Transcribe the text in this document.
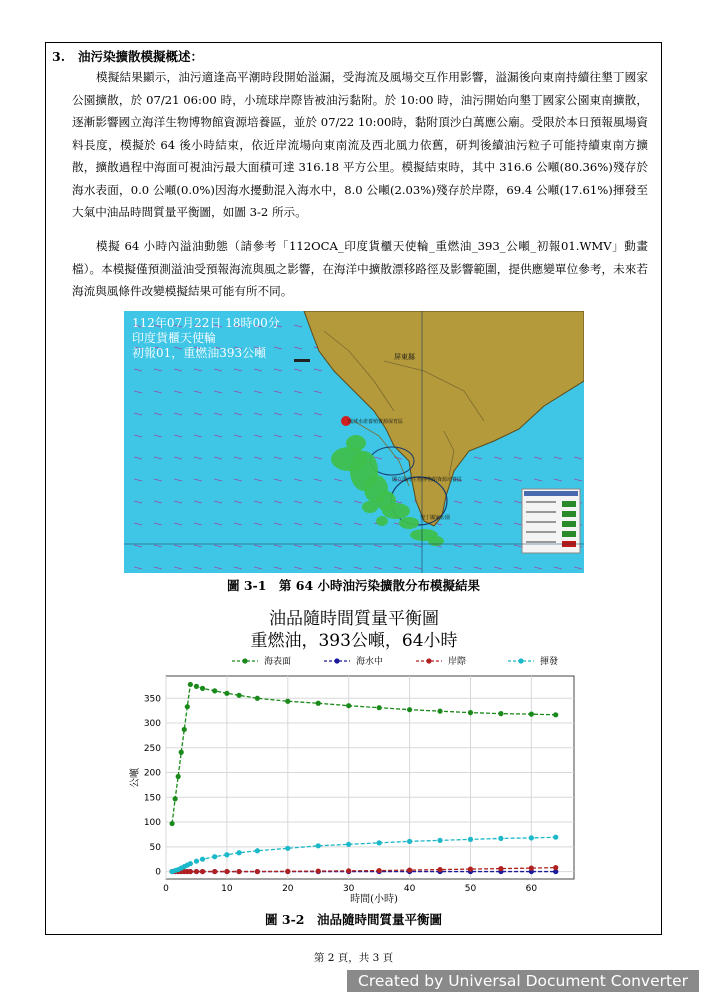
3. 油污染擴散模擬概述：

模擬結果顯示，油污適逢高平潮時段開始溢漏，受海流及風場交互作用影響，溢漏後向東南持續往墾丁國家公園擴散，於 07/21 06:00 時，小琉球岸際皆被油污黏附。於 10:00 時，油污開始向墾丁國家公園東南擴散，逐漸影響國立海洋生物博物館資源培養區，並於 07/22 10:00時，黏附頂沙白萬應公廟。受限於本日預報風場資料長度，模擬於 64 後小時結束，依近岸流場向東南流及西北風力依舊，研判後續油污粒子可能持續東南方擴散，擴散過程中海面可視油污最大面積可達 316.18 平方公里。模擬結束時，其中 316.6 公噸(80.36%)殘存於海水表面，0.0 公噸(0.0%)因海水擾動混入海水中，8.0 公噸(2.03%)殘存於岸際，69.4 公噸(17.61%)揮發至大氣中油品時間質量平衡圖，如圖 3-2 所示。

模擬 64 小時內溢油動態（請參考「112OCA_印度貨櫃天使輪_重燃油_393_公噸_初報01.WMV」動畫檔）。本模擬僅預測溢油受預報海流與風之影響，在海洋中擴散漂移路徑及影響範圍，提供應變單位參考，未來若海流與風條件改變模擬結果可能有所不同。

112年07月22日 18時00分
印度貨櫃天使輪
初報01，重燃油393公噸	屏東縣
琉球水產養殖資源保育區
國立海洋生物博物館資源培養區
墾丁國家公園
圖 3-1　第 64 小時油污染擴散分布模擬結果
油品隨時間質量平衡圖
重燃油，393公噸，64小時
海表面	海水中	岸際	揮發
0	10	20	30	40	50	60
0
50
100
150
200
250
300
350
時間(小時)
公噸
圖 3-2　油品隨時間質量平衡圖
第 2 頁，共 3 頁
Created by Universal Document Converter
